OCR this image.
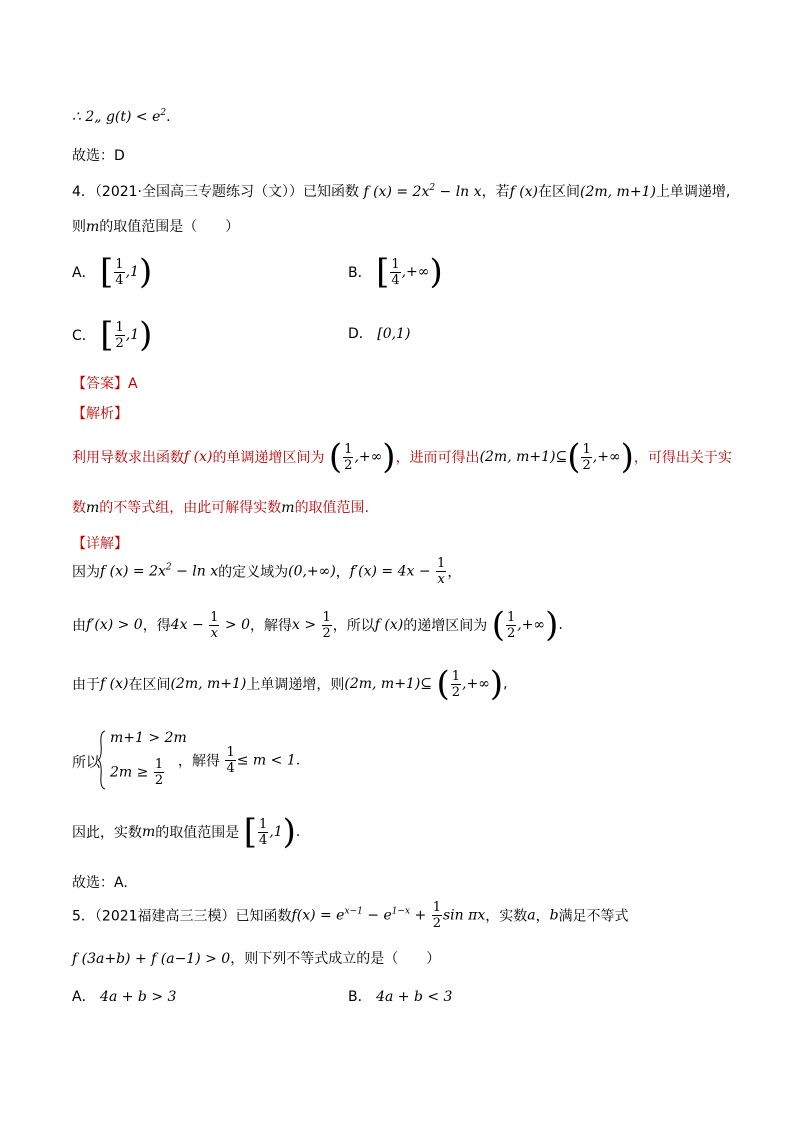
∴ 2„ $g(t) < e^2$.
故选：D
4．（2021·全国高三专题练习（文））已知函数 f $(x) = 2x^2 - \ln x$，若f (x)在区间(2m, m+1)上单调递增,
则m的取值范围是（　　）
A． [ $\frac{1}{4} ,1$)	B． [ $\frac{1}{4}$ ,+∞)
C． [ $\frac{1}{2} ,1$)	D． [0,1)
【答案】A
【解析】
利用导数求出函数f (x)的单调递增区间为 ( $\frac{1}{2}$ ,+∞)，进而可得出(2m, m+1)⊆( $\frac{1}{2}$ ,+∞)，可得出关于实
数m的不等式组，由此可解得实数m的取值范围.
【详解】
因为f $(x) = 2x^2 - \ln x$的定义域为(0,+∞)，$f'(x) = 4x - \frac{1}{x}$ ，
由f′(x) > 0，得$4x - \frac{1}{x} > 0$，解得$x > \frac{1}{2}$ ，所以f (x)的递增区间为 ( $\frac{1}{2}$ ,+∞).
由于f (x)在区间(2m, m+1)上单调递增，则(2m, m+1)⊆ ( $\frac{1}{2}$ ,+∞),
所以
m+1 > 2m
$2m \ge \frac{1}{2}$ ，解得 $\frac{1}{4} \le m < 1$.
因此，实数m的取值范围是 [ $\frac{1}{4} ,1$).
故选：A.
5．（2021福建高三三模）已知函数$f(x) = e^{x-1} - e^{1-x} + \frac{1}{2}$ sin πx，实数a，b满足不等式
f (3a+b) + f (a−1) > 0，则下列不等式成立的是（　　）
A． 4a + b > 3	B． 4a + b < 3
